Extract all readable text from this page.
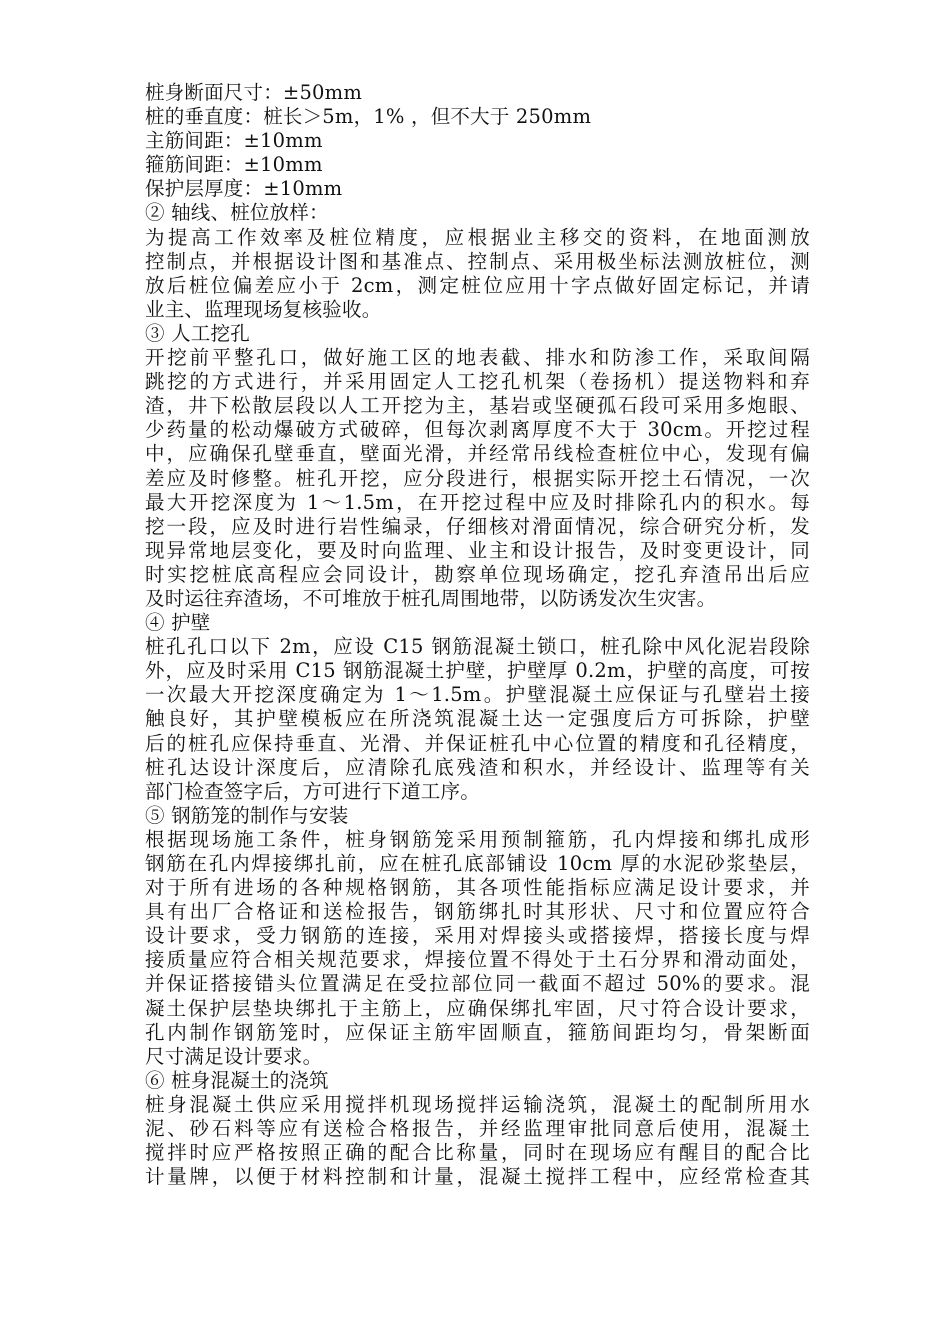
桩身断面尺寸：±50mm
桩的垂直度：桩长＞5m，1% ，但不大于 250mm
主筋间距：±10mm
箍筋间距：±10mm
保护层厚度：±10mm
② 轴线、桩位放样：
为提高工作效率及桩位精度，应根据业主移交的资料，在地面测放
控制点，并根据设计图和基准点、控制点、采用极坐标法测放桩位，测
放后桩位偏差应小于 2cm，测定桩位应用十字点做好固定标记，并请
业主、监理现场复核验收。
③ 人工挖孔
开挖前平整孔口，做好施工区的地表截、排水和防渗工作，采取间隔
跳挖的方式进行，并采用固定人工挖孔机架（卷扬机）提送物料和弃
渣，井下松散层段以人工开挖为主，基岩或坚硬孤石段可采用多炮眼、
少药量的松动爆破方式破碎，但每次剥离厚度不大于 30cm。开挖过程
中，应确保孔壁垂直，壁面光滑，并经常吊线检查桩位中心，发现有偏
差应及时修整。桩孔开挖，应分段进行，根据实际开挖土石情况，一次
最大开挖深度为 1～1.5m，在开挖过程中应及时排除孔内的积水。每
挖一段，应及时进行岩性编录，仔细核对滑面情况，综合研究分析，发
现异常地层变化，要及时向监理、业主和设计报告，及时变更设计，同
时实挖桩底高程应会同设计，勘察单位现场确定，挖孔弃渣吊出后应
及时运往弃渣场，不可堆放于桩孔周围地带，以防诱发次生灾害。
④ 护壁
桩孔孔口以下 2m，应设 C15 钢筋混凝土锁口，桩孔除中风化泥岩段除
外，应及时采用 C15 钢筋混凝土护壁，护壁厚 0.2m，护壁的高度，可按
一次最大开挖深度确定为 1～1.5m。护壁混凝土应保证与孔壁岩土接
触良好，其护壁模板应在所浇筑混凝土达一定强度后方可拆除，护壁
后的桩孔应保持垂直、光滑、并保证桩孔中心位置的精度和孔径精度，
桩孔达设计深度后，应清除孔底残渣和积水，并经设计、监理等有关
部门检查签字后，方可进行下道工序。
⑤ 钢筋笼的制作与安装
根据现场施工条件，桩身钢筋笼采用预制箍筋，孔内焊接和绑扎成形
钢筋在孔内焊接绑扎前，应在桩孔底部铺设 10cm 厚的水泥砂浆垫层，
对于所有进场的各种规格钢筋，其各项性能指标应满足设计要求，并
具有出厂合格证和送检报告，钢筋绑扎时其形状、尺寸和位置应符合
设计要求，受力钢筋的连接，采用对焊接头或搭接焊，搭接长度与焊
接质量应符合相关规范要求，焊接位置不得处于土石分界和滑动面处，
并保证搭接错头位置满足在受拉部位同一截面不超过 50%的要求。混
凝土保护层垫块绑扎于主筋上，应确保绑扎牢固，尺寸符合设计要求，
孔内制作钢筋笼时，应保证主筋牢固顺直，箍筋间距均匀，骨架断面
尺寸满足设计要求。
⑥ 桩身混凝土的浇筑
桩身混凝土供应采用搅拌机现场搅拌运输浇筑，混凝土的配制所用水
泥、砂石料等应有送检合格报告，并经监理审批同意后使用，混凝土
搅拌时应严格按照正确的配合比称量，同时在现场应有醒目的配合比
计量牌，以便于材料控制和计量，混凝土搅拌工程中，应经常检查其
